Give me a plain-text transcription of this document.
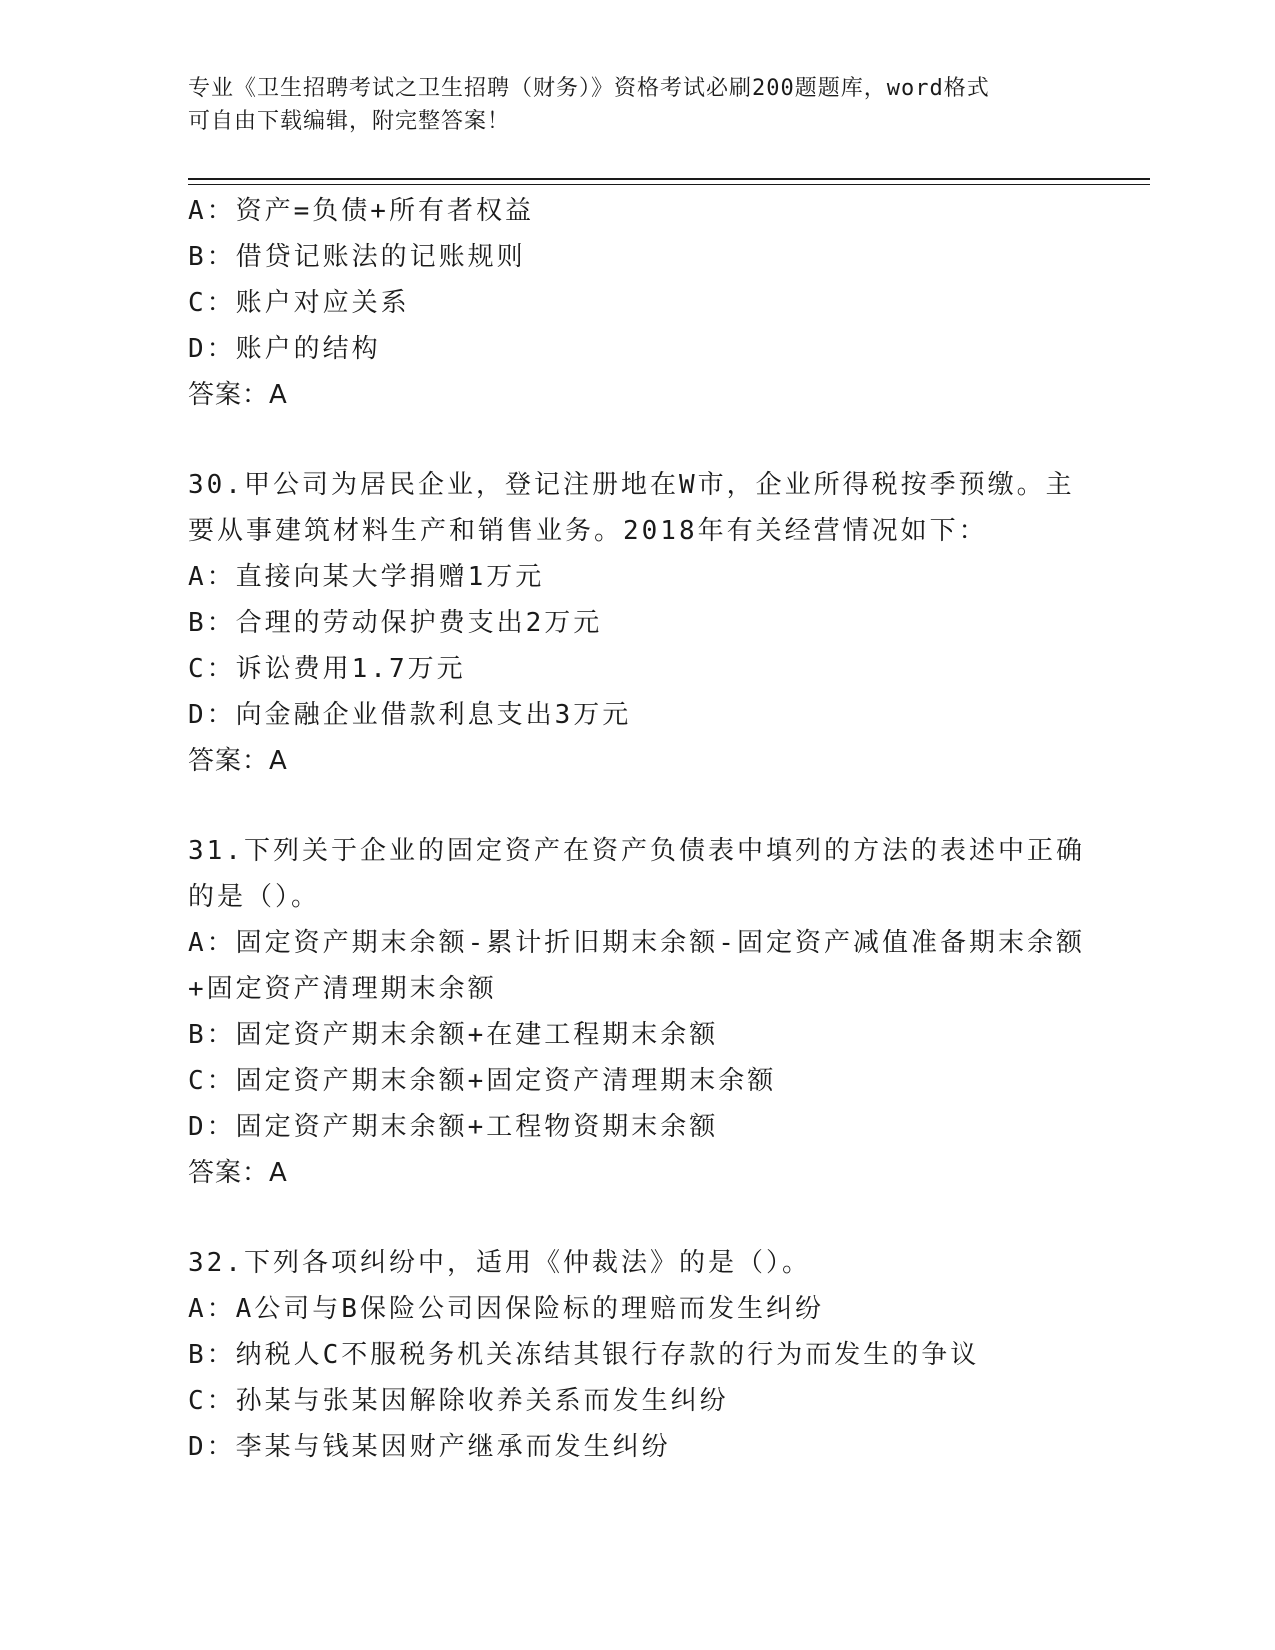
专业《卫生招聘考试之卫生招聘（财务）》资格考试必刷200题题库，word格式
可自由下载编辑，附完整答案！
A：资产=负债+所有者权益
B：借贷记账法的记账规则
C：账户对应关系
D：账户的结构
答案：A
30.甲公司为居民企业，登记注册地在W市，企业所得税按季预缴。主
要从事建筑材料生产和销售业务。2018年有关经营情况如下：
A：直接向某大学捐赠1万元
B：合理的劳动保护费支出2万元
C：诉讼费用1.7万元
D：向金融企业借款利息支出3万元
答案：A
31.下列关于企业的固定资产在资产负债表中填列的方法的表述中正确
的是（）。
A：固定资产期末余额-累计折旧期末余额-固定资产减值准备期末余额
+固定资产清理期末余额
B：固定资产期末余额+在建工程期末余额
C：固定资产期末余额+固定资产清理期末余额
D：固定资产期末余额+工程物资期末余额
答案：A
32.下列各项纠纷中，适用《仲裁法》的是（）。
A：A公司与B保险公司因保险标的理赔而发生纠纷
B：纳税人C不服税务机关冻结其银行存款的行为而发生的争议
C：孙某与张某因解除收养关系而发生纠纷
D：李某与钱某因财产继承而发生纠纷
